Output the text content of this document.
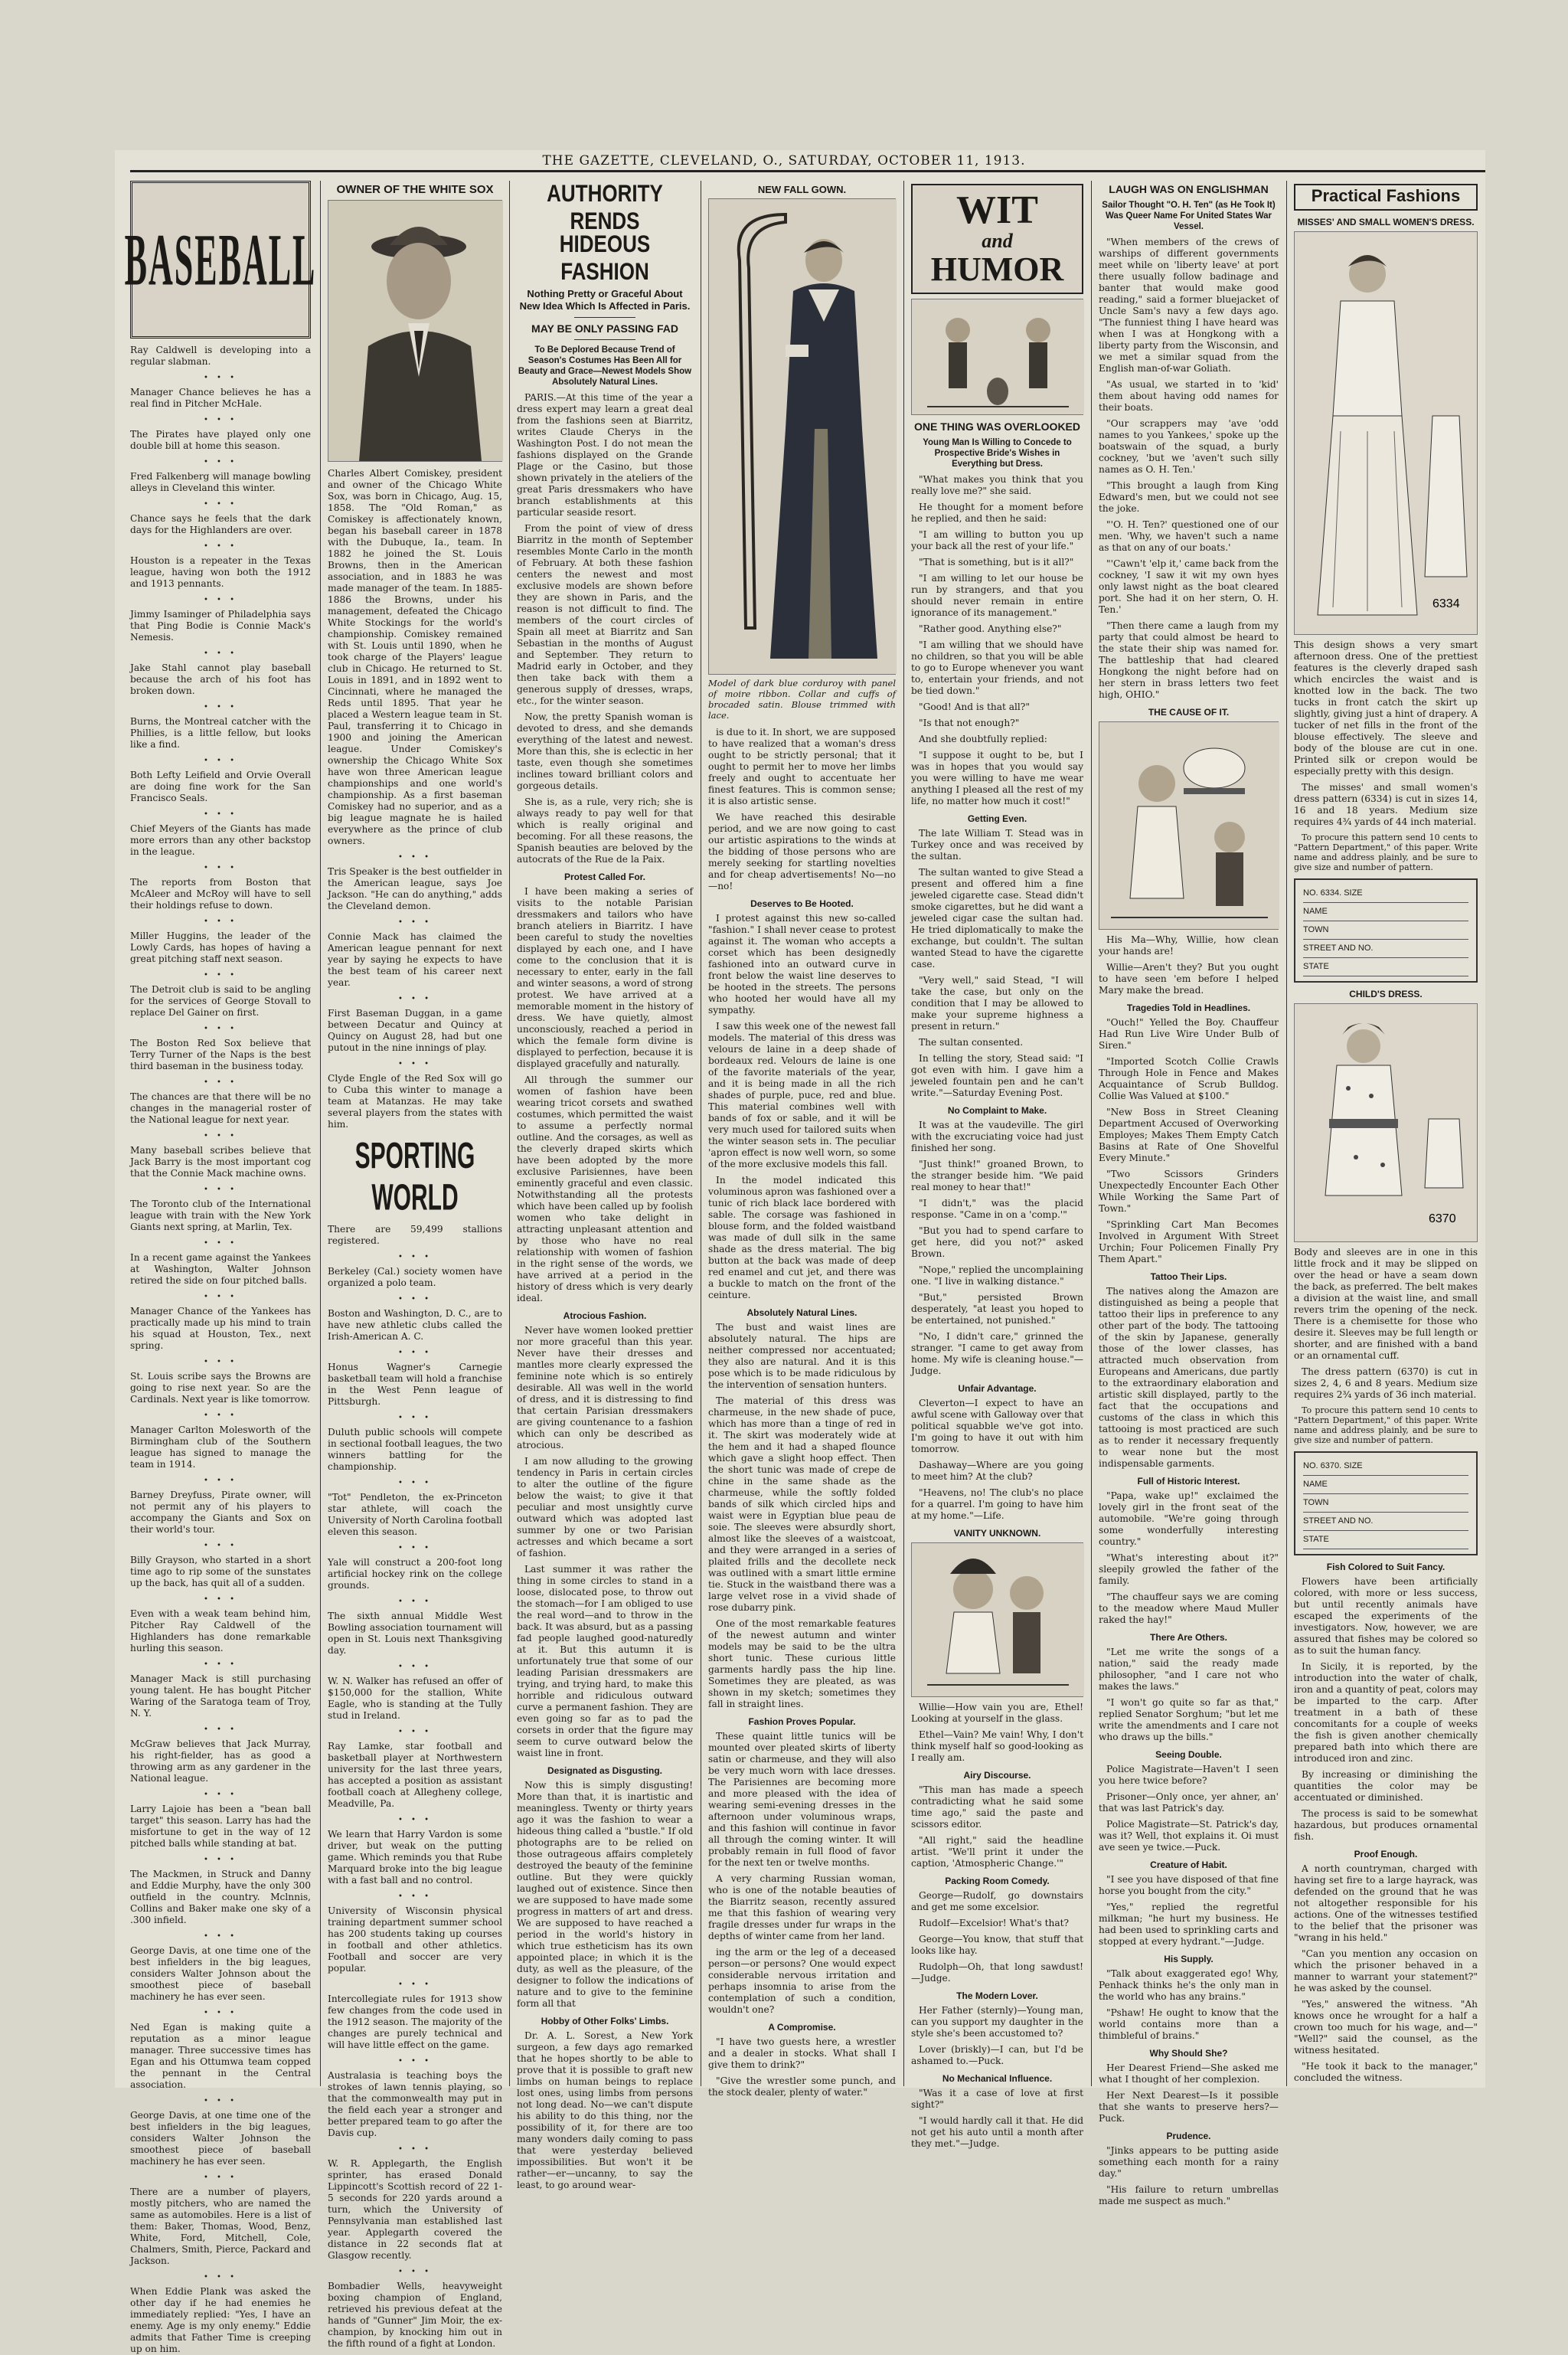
THE GAZETTE, CLEVELAND, O., SATURDAY, OCTOBER 11, 1913.
BASEBALL

Ray Caldwell is developing into a regular slabman.

• • •

Manager Chance believes he has a real find in Pitcher McHale.

• • •

The Pirates have played only one double bill at home this season.

• • •

Fred Falkenberg will manage bowling alleys in Cleveland this winter.

• • •

Chance says he feels that the dark days for the Highlanders are over.

• • •

Houston is a repeater in the Texas league, having won both the 1912 and 1913 pennants.

• • •

Jimmy Isaminger of Philadelphia says that Ping Bodie is Connie Mack's Nemesis.

• • •

Jake Stahl cannot play baseball because the arch of his foot has broken down.

• • •

Burns, the Montreal catcher with the Phillies, is a little fellow, but looks like a find.

• • •

Both Lefty Leifield and Orvie Overall are doing fine work for the San Francisco Seals.

• • •

Chief Meyers of the Giants has made more errors than any other backstop in the league.

• • •

The reports from Boston that McAleer and McRoy will have to sell their holdings refuse to down.

• • •

Miller Huggins, the leader of the Lowly Cards, has hopes of having a great pitching staff next season.

• • •

The Detroit club is said to be angling for the services of George Stovall to replace Del Gainer on first.

• • •

The Boston Red Sox believe that Terry Turner of the Naps is the best third baseman in the business today.

• • •

The chances are that there will be no changes in the managerial roster of the National league for next year.

• • •

Many baseball scribes believe that Jack Barry is the most important cog that the Connie Mack machine owns.

• • •

The Toronto club of the International league with train with the New York Giants next spring, at Marlin, Tex.

• • •

In a recent game against the Yankees at Washington, Walter Johnson retired the side on four pitched balls.

• • •

Manager Chance of the Yankees has practically made up his mind to train his squad at Houston, Tex., next spring.

• • •

St. Louis scribe says the Browns are going to rise next year. So are the Cardinals. Next year is like tomorrow.

• • •

Manager Carlton Molesworth of the Birmingham club of the Southern league has signed to manage the team in 1914.

• • •

Barney Dreyfuss, Pirate owner, will not permit any of his players to accompany the Giants and Sox on their world's tour.

• • •

Billy Grayson, who started in a short time ago to rip some of the sunstates up the back, has quit all of a sudden.

• • •

Even with a weak team behind him, Pitcher Ray Caldwell of the Highlanders has done remarkable hurling this season.

• • •

Manager Mack is still purchasing young talent. He has bought Pitcher Waring of the Saratoga team of Troy, N. Y.

• • •

McGraw believes that Jack Murray, his right-fielder, has as good a throwing arm as any gardener in the National league.

• • •

Larry Lajoie has been a "bean ball target" this season. Larry has had the misfortune to get in the way of 12 pitched balls while standing at bat.

• • •

The Mackmen, in Struck and Danny and Eddie Murphy, have the only 300 outfield in the country. Mclnnis, Collins and Baker make one sky of a .300 infield.

• • •

George Davis, at one time one of the best infielders in the big leagues, considers Walter Johnson about the smoothest piece of baseball machinery he has ever seen.

• • •

Ned Egan is making quite a reputation as a minor league manager. Three successive times has Egan and his Ottumwa team copped the pennant in the Central association.

• • •

George Davis, at one time one of the best infielders in the big leagues, considers Walter Johnson the smoothest piece of baseball machinery he has ever seen.

• • •

There are a number of players, mostly pitchers, who are named the same as automobiles. Here is a list of them: Baker, Thomas, Wood, Benz, White, Ford, Mitchell, Cole, Chalmers, Smith, Pierce, Packard and Jackson.

• • •

When Eddie Plank was asked the other day if he had enemies he immediately replied: "Yes, I have an enemy. Age is my only enemy." Eddie admits that Father Time is creeping up on him.

OWNER OF THE WHITE SOX

Charles Albert Comiskey, president and owner of the Chicago White Sox, was born in Chicago, Aug. 15, 1858. The "Old Roman," as Comiskey is affectionately known, began his baseball career in 1878 with the Dubuque, Ia., team. In 1882 he joined the St. Louis Browns, then in the American association, and in 1883 he was made manager of the team. In 1885-1886 the Browns, under his management, defeated the Chicago White Stockings for the world's championship. Comiskey remained with St. Louis until 1890, when he took charge of the Players' league club in Chicago. He returned to St. Louis in 1891, and in 1892 went to Cincinnati, where he managed the Reds until 1895. That year he placed a Western league team in St. Paul, transferring it to Chicago in 1900 and joining the American league. Under Comiskey's ownership the Chicago White Sox have won three American league championships and one world's championship. As a first baseman Comiskey had no superior, and as a big league magnate he is hailed everywhere as the prince of club owners.

• • •

Tris Speaker is the best outfielder in the American league, says Joe Jackson. "He can do anything," adds the Cleveland demon.

• • •

Connie Mack has claimed the American league pennant for next year by saying he expects to have the best team of his career next year.

• • •

First Baseman Duggan, in a game between Decatur and Quincy at Quincy on August 28, had but one putout in the nine innings of play.

• • •

Clyde Engle of the Red Sox will go to Cuba this winter to manage a team at Matanzas. He may take several players from the states with him.

SPORTING WORLD

There are 59,499 stallions registered.

• • •

Berkeley (Cal.) society women have organized a polo team.

• • •

Boston and Washington, D. C., are to have new athletic clubs called the Irish-American A. C.

• • •

Honus Wagner's Carnegie basketball team will hold a franchise in the West Penn league of Pittsburgh.

• • •

Duluth public schools will compete in sectional football leagues, the two winners battling for the championship.

• • •

"Tot" Pendleton, the ex-Princeton star athlete, will coach the University of North Carolina football eleven this season.

• • •

Yale will construct a 200-foot long artificial hockey rink on the college grounds.

• • •

The sixth annual Middle West Bowling association tournament will open in St. Louis next Thanksgiving day.

• • •

W. N. Walker has refused an offer of $150,000 for the stallion, White Eagle, who is standing at the Tully stud in Ireland.

• • •

Ray Lamke, star football and basketball player at Northwestern university for the last three years, has accepted a position as assistant football coach at Allegheny college, Meadville, Pa.

• • •

We learn that Harry Vardon is some driver, but weak on the putting game. Which reminds you that Rube Marquard broke into the big league with a fast ball and no control.

• • •

University of Wisconsin physical training department summer school has 200 students taking up courses in football and other athletics. Football and soccer are very popular.

• • •

Intercollegiate rules for 1913 show few changes from the code used in the 1912 season. The majority of the changes are purely technical and will have little effect on the game.

• • •

Australasia is teaching boys the strokes of lawn tennis playing, so that the commonwealth may put in the field each year a stronger and better prepared team to go after the Davis cup.

• • •

W. R. Applegarth, the English sprinter, has erased Donald Lippincott's Scottish record of 22 1-5 seconds for 220 yards around a turn, which the University of Pennsylvania man established last year. Applegarth covered the distance in 22 seconds flat at Glasgow recently.

• • •

Bombadier Wells, heavyweight boxing champion of England, retrieved his previous defeat at the hands of "Gunner" Jim Moir, the ex-champion, by knocking him out in the fifth round of a fight at London.

AUTHORITY RENDS
HIDEOUS FASHION
Nothing Pretty or Graceful About New Idea Which Is Affected in Paris.
MAY BE ONLY PASSING FAD
To Be Deplored Because Trend of Season's Costumes Has Been All for Beauty and Grace—Newest Models Show Absolutely Natural Lines.

PARIS.—At this time of the year a dress expert may learn a great deal from the fashions seen at Biarritz, writes Claude Cherys in the Washington Post. I do not mean the fashions displayed on the Grande Plage or the Casino, but those shown privately in the ateliers of the great Paris dressmakers who have branch establishments at this particular seaside resort.

From the point of view of dress Biarritz in the month of September resembles Monte Carlo in the month of February. At both these fashion centers the newest and most exclusive models are shown before they are shown in Paris, and the reason is not difficult to find. The members of the court circles of Spain all meet at Biarritz and San Sebastian in the months of August and September. They return to Madrid early in October, and they then take back with them a generous supply of dresses, wraps, etc., for the winter season.

Now, the pretty Spanish woman is devoted to dress, and she demands everything of the latest and newest. More than this, she is eclectic in her taste, even though she sometimes inclines toward brilliant colors and gorgeous details.

She is, as a rule, very rich; she is always ready to pay well for that which is really original and becoming. For all these reasons, the Spanish beauties are beloved by the autocrats of the Rue de la Paix.

Protest Called For.

I have been making a series of visits to the notable Parisian dressmakers and tailors who have branch ateliers in Biarritz. I have been careful to study the novelties displayed by each one, and I have come to the conclusion that it is necessary to enter, early in the fall and winter seasons, a word of strong protest. We have arrived at a memorable moment in the history of dress. We have quietly, almost unconsciously, reached a period in which the female form divine is displayed to perfection, because it is displayed gracefully and naturally.

All through the summer our women of fashion have been wearing tricot corsets and swathed costumes, which permitted the waist to assume a perfectly normal outline. And the corsages, as well as the cleverly draped skirts which have been adopted by the more exclusive Parisiennes, have been eminently graceful and even classic. Notwithstanding all the protests which have been called up by foolish women who take delight in attracting unpleasant attention and by those who have no real relationship with women of fashion in the right sense of the words, we have arrived at a period in the history of dress which is very dearly ideal.

Atrocious Fashion.

Never have women looked prettier nor more graceful than this year. Never have their dresses and mantles more clearly expressed the feminine note which is so entirely desirable. All was well in the world of dress, and it is distressing to find that certain Parisian dressmakers are giving countenance to a fashion which can only be described as atrocious.

I am now alluding to the growing tendency in Paris in certain circles to alter the outline of the figure below the waist; to give it that peculiar and most unsightly curve outward which was adopted last summer by one or two Parisian actresses and which became a sort of fashion.

Last summer it was rather the thing in some circles to stand in a loose, dislocated pose, to throw out the stomach—for I am obliged to use the real word—and to throw in the back. It was absurd, but as a passing fad people laughed good-naturedly at it. But this autumn it is unfortunately true that some of our leading Parisian dressmakers are trying, and trying hard, to make this horrible and ridiculous outward curve a permanent fashion. They are even going so far as to pad the corsets in order that the figure may seem to curve outward below the waist line in front.

Designated as Disgusting.

Now this is simply disgusting! More than that, it is inartistic and meaningless. Twenty or thirty years ago it was the fashion to wear a hideous thing called a "bustle." If old photographs are to be relied on those outrageous affairs completely destroyed the beauty of the feminine outline. But they were quickly laughed out of existence. Since then we are supposed to have made some progress in matters of art and dress. We are supposed to have reached a period in the world's history in which true estheticism has its own appointed place; in which it is the duty, as well as the pleasure, of the designer to follow the indications of nature and to give to the feminine form all that

Hobby of Other Folks' Limbs.

Dr. A. L. Sorest, a New York surgeon, a few days ago remarked that he hopes shortly to be able to prove that it is possible to graft new limbs on human beings to replace lost ones, using limbs from persons not long dead. No—we can't dispute his ability to do this thing, nor the possibility of it, for there are too many wonders daily coming to pass that were yesterday believed impossibilities. But won't it be rather—er—uncanny, to say the least, to go around wear-

NEW FALL GOWN.
Model of dark blue corduroy with panel of moire ribbon. Collar and cuffs of brocaded satin. Blouse trimmed with lace.

is due to it. In short, we are supposed to have realized that a woman's dress ought to be strictly personal; that it ought to permit her to move her limbs freely and ought to accentuate her finest features. This is common sense; it is also artistic sense.

We have reached this desirable period, and we are now going to cast our artistic aspirations to the winds at the bidding of those persons who are merely seeking for startling novelties and for cheap advertisements! No—no—no!

Deserves to Be Hooted.

I protest against this new so-called "fashion." I shall never cease to protest against it. The woman who accepts a corset which has been designedly fashioned into an outward curve in front below the waist line deserves to be hooted in the streets. The persons who hooted her would have all my sympathy.

I saw this week one of the newest fall models. The material of this dress was velours de laine in a deep shade of bordeaux red. Velours de laine is one of the favorite materials of the year, and it is being made in all the rich shades of purple, puce, red and blue. This material combines well with bands of fox or sable, and it will be very much used for tailored suits when the winter season sets in. The peculiar 'apron effect is now well worn, so some of the more exclusive models this fall.

In the model indicated this voluminous apron was fashioned over a tunic of rich black lace bordered with sable. The corsage was fashioned in blouse form, and the folded waistband was made of dull silk in the same shade as the dress material. The big button at the back was made of deep red enamel and cut jet, and there was a buckle to match on the front of the ceinture.

Absolutely Natural Lines.

The bust and waist lines are absolutely natural. The hips are neither compressed nor accentuated; they also are natural. And it is this pose which is to be made ridiculous by the intervention of sensation hunters.

The material of this dress was charmeuse, in the new shade of puce, which has more than a tinge of red in it. The skirt was moderately wide at the hem and it had a shaped flounce which gave a slight hoop effect. Then the short tunic was made of crepe de chine in the same shade as the charmeuse, while the softly folded bands of silk which circled hips and waist were in Egyptian blue peau de soie. The sleeves were absurdly short, almost like the sleeves of a waistcoat, and they were arranged in a series of plaited frills and the decollete neck was outlined with a smart little ermine tie. Stuck in the waistband there was a large velvet rose in a vivid shade of rose dubarry pink.

One of the most remarkable features of the newest autumn and winter models may be said to be the ultra short tunic. These curious little garments hardly pass the hip line. Sometimes they are pleated, as was shown in my sketch; sometimes they fall in straight lines.

Fashion Proves Popular.

These quaint little tunics will be mounted over pleated skirts of liberty satin or charmeuse, and they will also be very much worn with lace dresses. The Parisiennes are becoming more and more pleased with the idea of wearing semi-evening dresses in the afternoon under voluminous wraps, and this fashion will continue in favor all through the coming winter. It will probably remain in full flood of favor for the next ten or twelve months.

A very charming Russian woman, who is one of the notable beauties of the Biarritz season, recently assured me that this fashion of wearing very fragile dresses under fur wraps in the depths of winter came from her land.

ing the arm or the leg of a deceased person—or persons? One would expect considerable nervous irritation and perhaps insomnia to arise from the contemplation of such a condition, wouldn't one?

A Compromise.

"I have two guests here, a wrestler and a dealer in stocks. What shall I give them to drink?"

"Give the wrestler some punch, and the stock dealer, plenty of water."

WIT
and
HUMOR
ONE THING WAS OVERLOOKED
Young Man Is Willing to Concede to Prospective Bride's Wishes in Everything but Dress.

"What makes you think that you really love me?" she said.

He thought for a moment before he replied, and then he said:

"I am willing to button you up your back all the rest of your life."

"That is something, but is it all?"

"I am willing to let our house be run by strangers, and that you should never remain in entire ignorance of its management."

"Rather good. Anything else?"

"I am willing that we should have no children, so that you will be able to go to Europe whenever you want to, entertain your friends, and not be tied down."

"Good! And is that all?"

"Is that not enough?"

And she doubtfully replied:

"I suppose it ought to be, but I was in hopes that you would say you were willing to have me wear anything I pleased all the rest of my life, no matter how much it cost!"

Getting Even.

The late William T. Stead was in Turkey once and was received by the sultan.

The sultan wanted to give Stead a present and offered him a fine jeweled cigarette case. Stead didn't smoke cigarettes, but he did want a jeweled cigar case the sultan had. He tried diplomatically to make the exchange, but couldn't. The sultan wanted Stead to have the cigarette case.

"Very well," said Stead, "I will take the case, but only on the condition that I may be allowed to make your supreme highness a present in return."

The sultan consented.

In telling the story, Stead said: "I got even with him. I gave him a jeweled fountain pen and he can't write."—Saturday Evening Post.

No Complaint to Make.

It was at the vaudeville. The girl with the excruciating voice had just finished her song.

"Just think!" groaned Brown, to the stranger beside him. "We paid real money to hear that!"

"I didn't," was the placid response. "Came in on a 'comp.'"

"But you had to spend carfare to get here, did you not?" asked Brown.

"Nope," replied the uncomplaining one. "I live in walking distance."

"But," persisted Brown desperately, "at least you hoped to be entertained, not punished."

"No, I didn't care," grinned the stranger. "I came to get away from home. My wife is cleaning house."—Judge.

Unfair Advantage.

Cleverton—I expect to have an awful scene with Galloway over that political squabble we've got into. I'm going to have it out with him tomorrow.

Dashaway—Where are you going to meet him? At the club?

"Heavens, no! The club's no place for a quarrel. I'm going to have him at my home."—Life.

VANITY UNKNOWN.

Willie—How vain you are, Ethel! Looking at yourself in the glass.

Ethel—Vain? Me vain! Why, I don't think myself half so good-looking as I really am.

Airy Discourse.

"This man has made a speech contradicting what he said some time ago," said the paste and scissors editor.

"All right," said the headline artist. "We'll print it under the caption, 'Atmospheric Change.'"

Packing Room Comedy.

George—Rudolf, go downstairs and get me some excelsior.

Rudolf—Excelsior! What's that?

George—You know, that stuff that looks like hay.

Rudolph—Oh, that long sawdust!—Judge.

The Modern Lover.

Her Father (sternly)—Young man, can you support my daughter in the style she's been accustomed to?

Lover (briskly)—I can, but I'd be ashamed to.—Puck.

No Mechanical Influence.

"Was it a case of love at first sight?"

"I would hardly call it that. He did not get his auto until a month after they met."—Judge.

LAUGH WAS ON ENGLISHMAN
Sailor Thought "O. H. Ten" (as He Took It) Was Queer Name For United States War Vessel.

"When members of the crews of warships of different governments meet while on 'liberty leave' at port there usually follow badinage and banter that would make good reading," said a former bluejacket of Uncle Sam's navy a few days ago. "The funniest thing I have heard was when I was at Hongkong with a liberty party from the Wisconsin, and we met a similar squad from the English man-of-war Goliath.

"As usual, we started in to 'kid' them about having odd names for their boats.

"Our scrappers may 'ave 'odd names to you Yankees,' spoke up the boatswain of the squad, a burly cockney, 'but we 'aven't such silly names as O. H. Ten.'

"This brought a laugh from King Edward's men, but we could not see the joke.

"'O. H. Ten?' questioned one of our men. 'Why, we haven't such a name as that on any of our boats.'

"'Cawn't 'elp it,' came back from the cockney, 'I saw it wit my own hyes only lawst night as the boat cleared port. She had it on her stern, O. H. Ten.'

"Then there came a laugh from my party that could almost be heard to the state their ship was named for. The battleship that had cleared Hongkong the night before had on her stern in brass letters two feet high, OHIO."

THE CAUSE OF IT.

His Ma—Why, Willie, how clean your hands are!

Willie—Aren't they? But you ought to have seen 'em before I helped Mary make the bread.

Tragedies Told in Headlines.

"Ouch!" Yelled the Boy. Chauffeur Had Run Live Wire Under Bulb of Siren."

"Imported Scotch Collie Crawls Through Hole in Fence and Makes Acquaintance of Scrub Bulldog. Collie Was Valued at $100."

"New Boss in Street Cleaning Department Accused of Overworking Employes; Makes Them Empty Catch Basins at Rate of One Shovelful Every Minute."

"Two Scissors Grinders Unexpectedly Encounter Each Other While Working the Same Part of Town."

"Sprinkling Cart Man Becomes Involved in Argument With Street Urchin; Four Policemen Finally Pry Them Apart."

Tattoo Their Lips.

The natives along the Amazon are distinguished as being a people that tattoo their lips in preference to any other part of the body. The tattooing of the skin by Japanese, generally those of the lower classes, has attracted much observation from Europeans and Americans, due partly to the extraordinary elaboration and artistic skill displayed, partly to the fact that the occupations and customs of the class in which this tattooing is most practiced are such as to render it necessary frequently to wear none but the most indispensable garments.

Full of Historic Interest.

"Papa, wake up!" exclaimed the lovely girl in the front seat of the automobile. "We're going through some wonderfully interesting country."

"What's interesting about it?" sleepily growled the father of the family.

"The chauffeur says we are coming to the meadow where Maud Muller raked the hay!"

There Are Others.

"Let me write the songs of a nation," said the ready made philosopher, "and I care not who makes the laws."

"I won't go quite so far as that," replied Senator Sorghum; "but let me write the amendments and I care not who draws up the bills."

Seeing Double.

Police Magistrate—Haven't I seen you here twice before?

Prisoner—Only once, yer ahner, an' that was last Patrick's day.

Police Magistrate—St. Patrick's day, was it? Well, thot explains it. Oi must ave seen ye twice.—Puck.

Creature of Habit.

"I see you have disposed of that fine horse you bought from the city."

"Yes," replied the regretful milkman; "he hurt my business. He had been used to sprinkling carts and stopped at every hydrant."—Judge.

His Supply.

"Talk about exaggerated ego! Why, Penhack thinks he's the only man in the world who has any brains."

"Pshaw! He ought to know that the world contains more than a thimbleful of brains."

Why Should She?

Her Dearest Friend—She asked me what I thought of her complexion.

Her Next Dearest—Is it possible that she wants to preserve hers?—Puck.

Prudence.

"Jinks appears to be putting aside something each month for a rainy day."

"His failure to return umbrellas made me suspect as much."

Practical Fashions
MISSES' AND SMALL WOMEN'S DRESS.
6334

This design shows a very smart afternoon dress. One of the prettiest features is the cleverly draped sash which encircles the waist and is knotted low in the back. The two tucks in front catch the skirt up slightly, giving just a hint of drapery. A tucker of net fills in the front of the blouse effectively. The sleeve and body of the blouse are cut in one. Printed silk or crepon would be especially pretty with this design.

The misses' and small women's dress pattern (6334) is cut in sizes 14, 16 and 18 years. Medium size requires 4¾ yards of 44 inch material.

To procure this pattern send 10 cents to "Pattern Department," of this paper. Write name and address plainly, and be sure to give size and number of pattern.

NO. 6334. SIZE
NAME
TOWN
STREET AND NO.
STATE
CHILD'S DRESS.
6370

Body and sleeves are in one in this little frock and it may be slipped on over the head or have a seam down the back, as preferred. The belt makes a division at the waist line, and small revers trim the opening of the neck. There is a chemisette for those who desire it. Sleeves may be full length or shorter, and are finished with a band or an ornamental cuff.

The dress pattern (6370) is cut in sizes 2, 4, 6 and 8 years. Medium size requires 2¾ yards of 36 inch material.

To procure this pattern send 10 cents to "Pattern Department," of this paper. Write name and address plainly, and be sure to give size and number of pattern.

NO. 6370. SIZE
NAME
TOWN
STREET AND NO.
STATE
Fish Colored to Suit Fancy.

Flowers have been artificially colored, with more or less success, but until recently animals have escaped the experiments of the investigators. Now, however, we are assured that fishes may be colored so as to suit the human fancy.

In Sicily, it is reported, by the introduction into the water of chalk, iron and a quantity of peat, colors may be imparted to the carp. After treatment in a bath of these concomitants for a couple of weeks the fish is given another chemically prepared bath into which there are introduced iron and zinc.

By increasing or diminishing the quantities the color may be accentuated or diminished.

The process is said to be somewhat hazardous, but produces ornamental fish.

Proof Enough.

A north countryman, charged with having set fire to a large hayrack, was defended on the ground that he was not altogether responsible for his actions. One of the witnesses testified to the belief that the prisoner was "wrang in his held."

"Can you mention any occasion on which the prisoner behaved in a manner to warrant your statement?" he was asked by the counsel.

"Yes," answered the witness. "Ah knows once he wrought for a half a crown too much for his wage, and—" "Well?" said the counsel, as the witness hesitated.

"He took it back to the manager," concluded the witness.
